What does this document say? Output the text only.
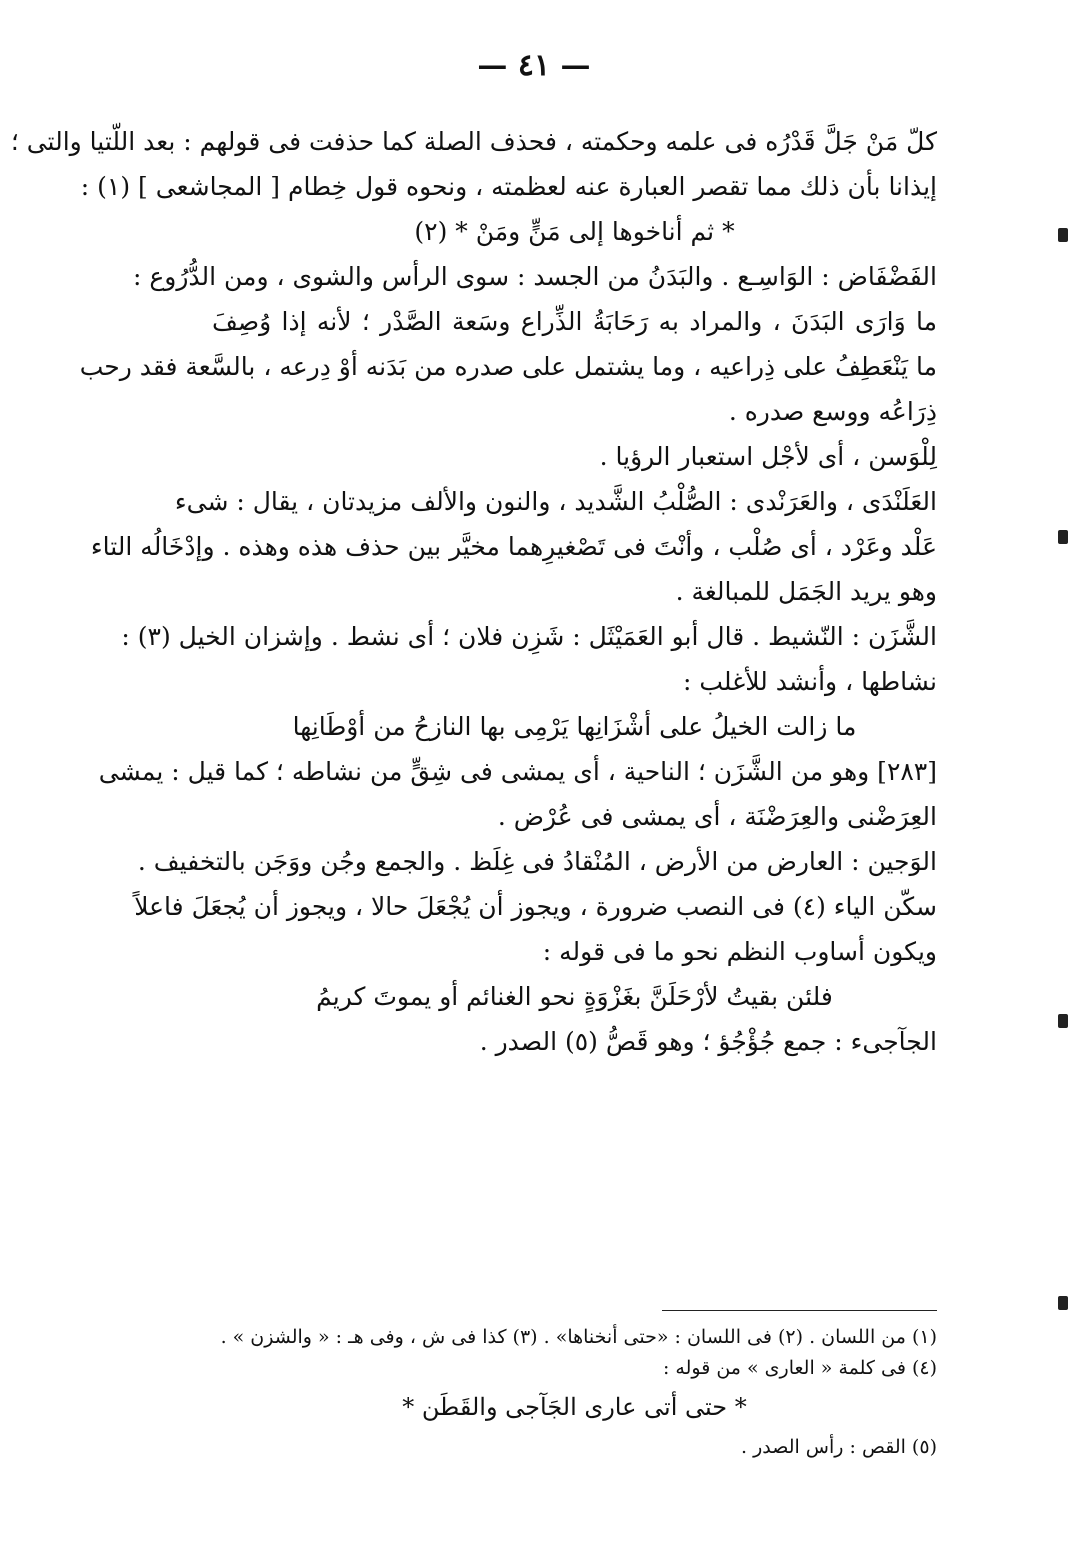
— ٤١ —
كلّ مَنْ جَلَّ قَدْرُه فى علمه وحكمته ، فحذف الصلة كما حذفت فى قولهم : بعد اللّتيا والتى ؛
إيذانا بأن ذلك مما تقصر العبارة عنه لعظمته ، ونحوه قول خِطام [ المجاشعى ] (١) :
* ثم أناخوها إلى مَنٍّ ومَنْ * (٢)
الفَضْفَاض : الوَاسِـع . والبَدَنُ من الجسد : سوى الرأس والشوى ، ومن الدُّرُوع :
ما وَارَى البَدَنَ ، والمراد به رَحَابَةُ الذِّراع وسَعة الصَّدْر ؛ لأنه إذا وُصِفَ
ما يَنْعَطِفُ على ذِراعيه ، وما يشتمل على صدره من بَدَنه أوْ دِرعه ، بالسَّعة فقد رحب
ذِرَاعُه ووسع صدره .
لِلْوَسن ، أى لأجْل استعبار الرؤيا .
العَلَنْدَى ، والعَرَنْدى : الصُّلْبُ الشَّديد ، والنون والألف مزيدتان ، يقال : شىء
عَلْد وعَرْد ، أى صُلْب ، وأنْتَ فى تَصْغيرِهما مخيَّر بين حذف هذه وهذه . وإدْخَالُه التاء
وهو يريد الجَمَل للمبالغة .
الشَّزَن : النّشيط . قال أبو العَمَيْثَل : شَزِن فلان ؛ أى نشط . وإشزان الخيل (٣) :
نشاطها ، وأنشد للأغلب :
ما زالت الخيلُ على أشْزَانِها يَرْمِى بها النازحُ من أوْطَانِها
[٢٨٣] وهو من الشَّزَن ؛ الناحية ، أى يمشى فى شِقٍّ من نشاطه ؛ كما قيل : يمشى
العِرَضْنى والعِرَضْنَة ، أى يمشى فى عُرْض .
الوَجين : العارض من الأرض ، المُنْقادُ فى غِلَظ . والجمع وجُن ووَجَن بالتخفيف .
سكّن الياء (٤) فى النصب ضرورة ، ويجوز أن يُجْعَلَ حالا ، ويجوز أن يُجعَلَ فاعلاً
ويكون أساوب النظم نحو ما فى قوله :
فلئن بقيتُ لأرْحَلَنَّ بغَزْوَةٍ نحو الغنائم أو يموتَ كريمُ
الجآجىء : جمع جُؤْجُؤ ؛ وهو قَصُّ (٥) الصدر .
(١) من اللسان . (٢) فى اللسان : «حتى أنخناها» . (٣) كذا فى ش ، وفى هـ : « والشزن » .
(٤) فى كلمة « العارى » من قوله :
* حتى أتى عارى الجَآجى والقَطَن *
(٥) القص : رأس الصدر .
